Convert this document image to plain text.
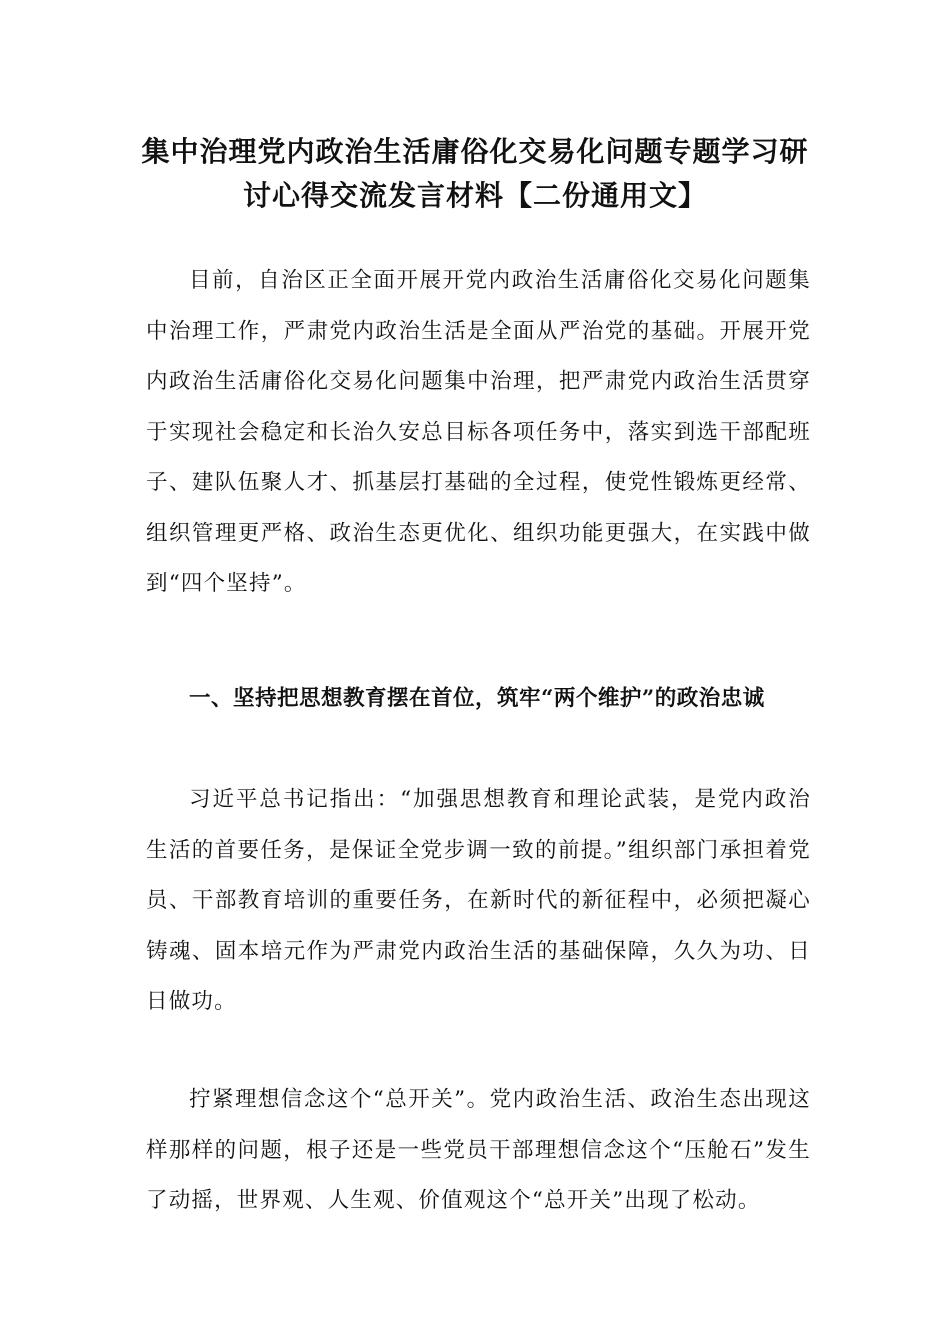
集中治理党内政治生活庸俗化交易化问题专题学习研讨心得交流发言材料【二份通用文】

目前，自治区正全面开展开党内政治生活庸俗化交易化问题集中治理工作，严肃党内政治生活是全面从严治党的基础。开展开党内政治生活庸俗化交易化问题集中治理，把严肃党内政治生活贯穿于实现社会稳定和长治久安总目标各项任务中，落实到选干部配班子、建队伍聚人才、抓基层打基础的全过程，使党性锻炼更经常、组织管理更严格、政治生态更优化、组织功能更强大，在实践中做到“四个坚持”。

一、坚持把思想教育摆在首位，筑牢“两个维护”的政治忠诚

习近平总书记指出：“加强思想教育和理论武装，是党内政治生活的首要任务，是保证全党步调一致的前提。”组织部门承担着党员、干部教育培训的重要任务，在新时代的新征程中，必须把凝心铸魂、固本培元作为严肃党内政治生活的基础保障，久久为功、日日做功。

拧紧理想信念这个“总开关”。党内政治生活、政治生态出现这样那样的问题，根子还是一些党员干部理想信念这个“压舱石”发生了动摇，世界观、人生观、价值观这个“总开关”出现了松动。
